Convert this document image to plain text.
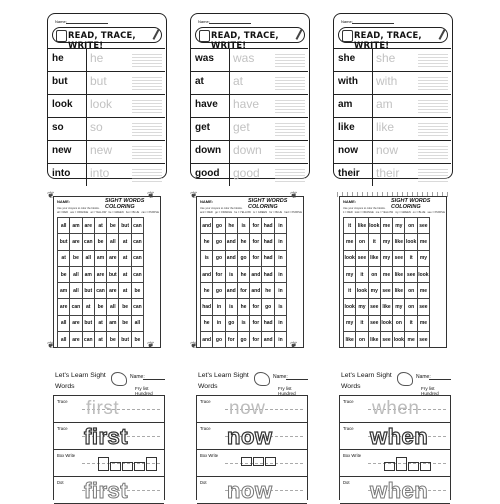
Name:
READ, TRACE, WRITE!
he	he
but	but
look	look
so	so
new	new
into	into
Name:
READ, TRACE, WRITE!
was	was
at	at
have	have
get	get
down down
good	good
Name:
READ, TRACE, WRITE!
she	she
with	with
am	am
like	like
now	now
their	their
NAME:	SIGHT WORDS COLORING
Use your crayons to color the blocks.
all = RED are = ORANGE at = YELLOW be = GREEN but = BLUE can = PURPLE
all	am	are	at	be	but	can
but	are	can	be	all	at	can
at	be	all	am	are	at	can
be	all	am	are	but	at	can
am	all	but	can	are	at	be
are	can	at	be	all	be	can
all	are	but	at	am	be	all
all	are	can	at	be	but	be
❦	❦
❦	❦
NAME:	SIGHT WORDS COLORING
Use your crayons to color the blocks.
and = RED go = ORANGE he = YELLOW is = GREEN for = BLUE had = PURPLE
and	go	he	is	for	had	in
he	go	and	he	for	had	in
is	go	and	go	for	had	in
and	for	is	he	and	had	in
he	go	and	for	and	he	in
had	in	is	he	for	go	is
he	in	go	is	for	had	in
and	go	for	go	for	and	in
❦	❦
❦	❦
NAME:	SIGHT WORDS COLORING
Use your crayons to color the blocks.
it = RED look = ORANGE me = YELLOW my = GREEN on = BLUE see = PURPLE
it	like	look	me	my	on	see
me	on	it	my	like	look	me
look	see	like	my	see	it	my
my	it	on	me	like	see	look
it	look	my	see	like	on	me
look	my	see	like	my	on	see
my	it	see	look	on	it	me
like	on	like	see	look	me	see
Let's Learn Sight Words
Name:
Fry list Hundred
Trace first
Trace first
Box Write
Dot first
Let's Learn Sight Words
Name:
Fry list Hundred
Trace now
Trace now
Box Write
Dot now
Let's Learn Sight Words
Name:
Fry list Hundred
Trace when
Trace when
Box Write
Dot when
